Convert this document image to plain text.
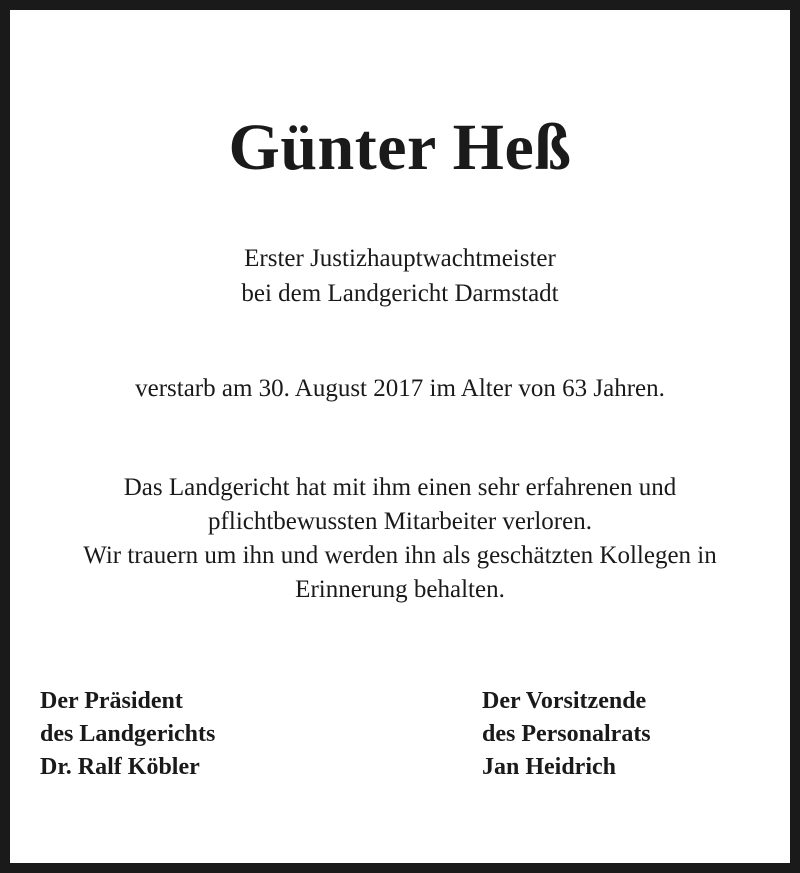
Günter Heß
Erster Justizhauptwachtmeister
bei dem Landgericht Darmstadt
verstarb am 30. August 2017 im Alter von 63 Jahren.
Das Landgericht hat mit ihm einen sehr erfahrenen und
pflichtbewussten Mitarbeiter verloren.
Wir trauern um ihn und werden ihn als geschätzten Kollegen in
Erinnerung behalten.
Der Präsident
des Landgerichts
Dr. Ralf Köbler
Der Vorsitzende
des Personalrats
Jan Heidrich
